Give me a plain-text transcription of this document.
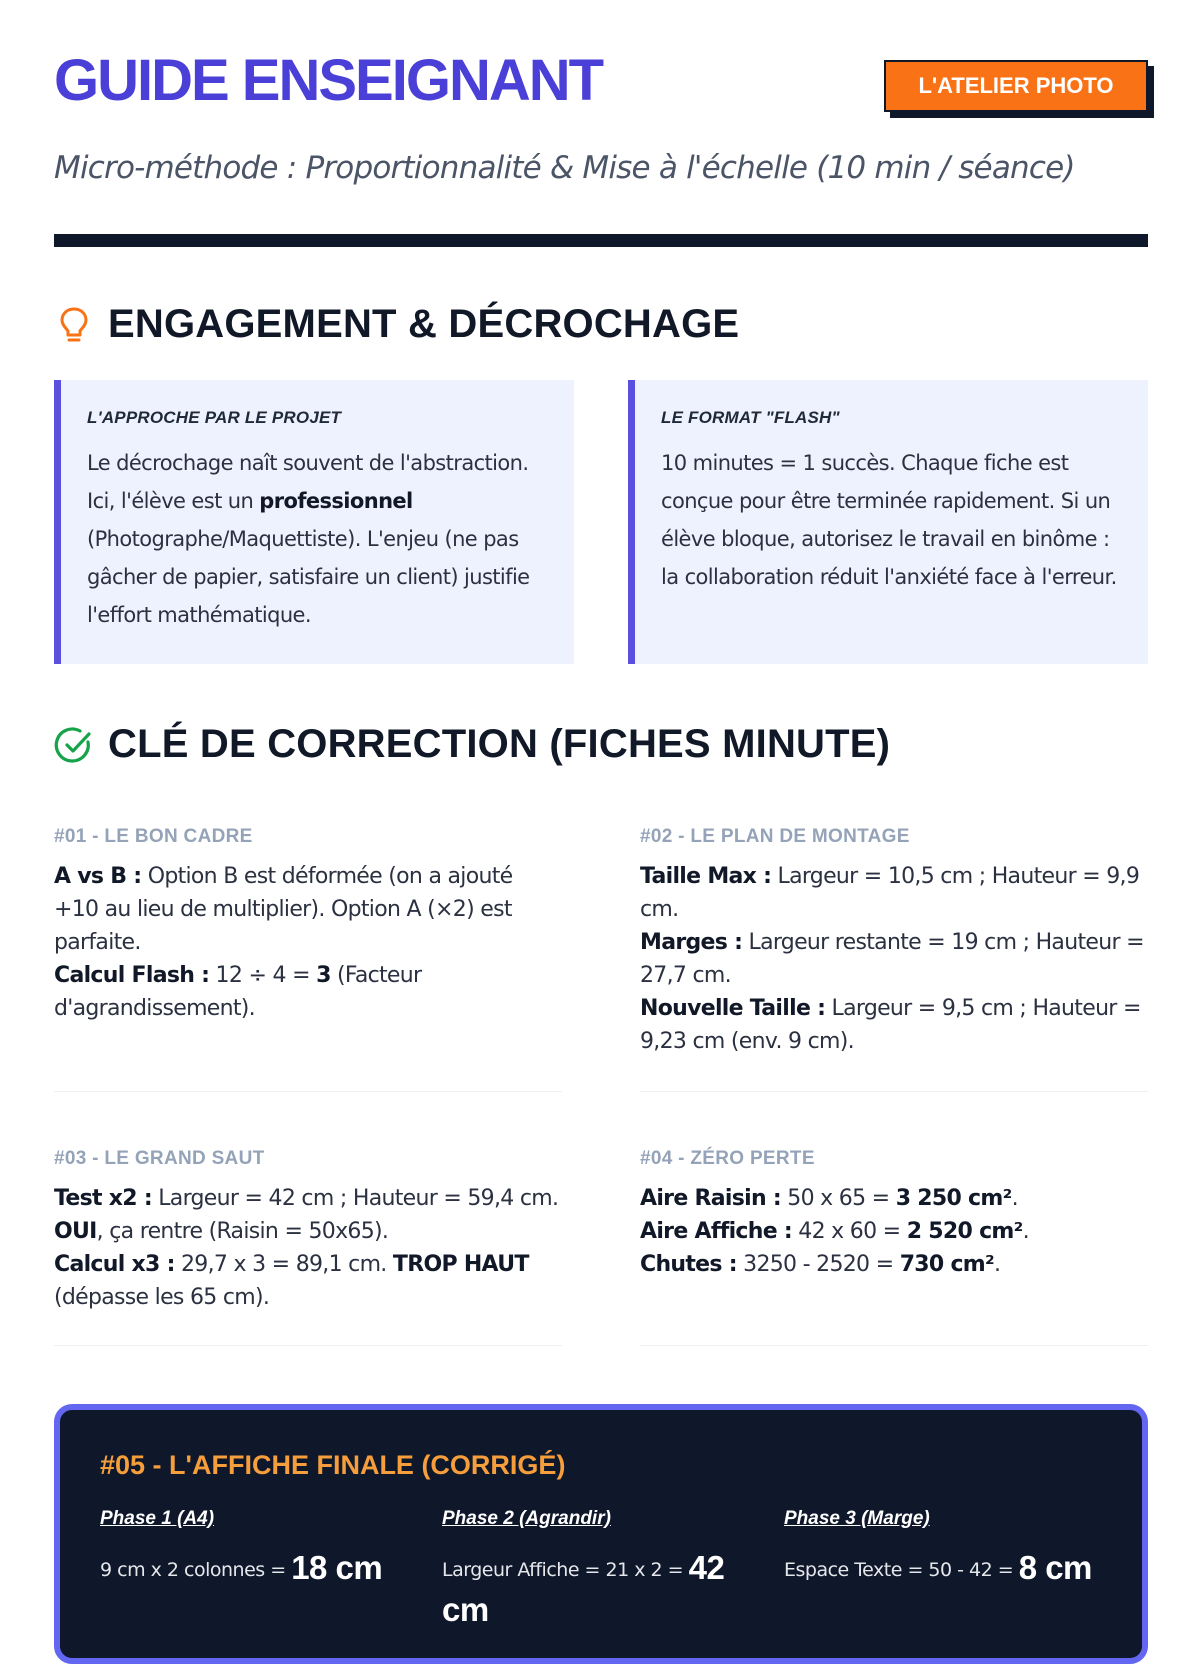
GUIDE ENSEIGNANT	L'ATELIER PHOTO
Micro-méthode : Proportionnalité & Mise à l'échelle (10 min / séance)
ENGAGEMENT & DÉCROCHAGE
L'APPROCHE PAR LE PROJET
Le décrochage naît souvent de l'abstraction. Ici, l'élève est un professionnel (Photographe/Maquettiste). L'enjeu (ne pas gâcher de papier, satisfaire un client) justifie l'effort mathématique.
LE FORMAT "FLASH"
10 minutes = 1 succès. Chaque fiche est conçue pour être terminée rapidement. Si un élève bloque, autorisez le travail en binôme : la collaboration réduit l'anxiété face à l'erreur.
CLÉ DE CORRECTION (FICHES MINUTE)
#01 - LE BON CADRE
A vs B : Option B est déformée (on a ajouté +10 au lieu de multiplier). Option A (×2) est parfaite.
Calcul Flash : 12 ÷ 4 = 3 (Facteur d'agrandissement).
#02 - LE PLAN DE MONTAGE
Taille Max : Largeur = 10,5 cm ; Hauteur = 9,9 cm.
Marges : Largeur restante = 19 cm ; Hauteur = 27,7 cm.
Nouvelle Taille : Largeur = 9,5 cm ; Hauteur = 9,23 cm (env. 9 cm).
#03 - LE GRAND SAUT
Test x2 : Largeur = 42 cm ; Hauteur = 59,4 cm.
OUI, ça rentre (Raisin = 50x65).
Calcul x3 : 29,7 x 3 = 89,1 cm. TROP HAUT (dépasse les 65 cm).
#04 - ZÉRO PERTE
Aire Raisin : 50 x 65 = 3 250 cm².
Aire Affiche : 42 x 60 = 2 520 cm².
Chutes : 3250 - 2520 = 730 cm².
#05 - L'AFFICHE FINALE (CORRIGÉ)
Phase 1 (A4)
9 cm x 2 colonnes = 18 cm
Phase 2 (Agrandir)
Largeur Affiche = 21 x 2 = 42 cm
Phase 3 (Marge)
Espace Texte = 50 - 42 = 8 cm
